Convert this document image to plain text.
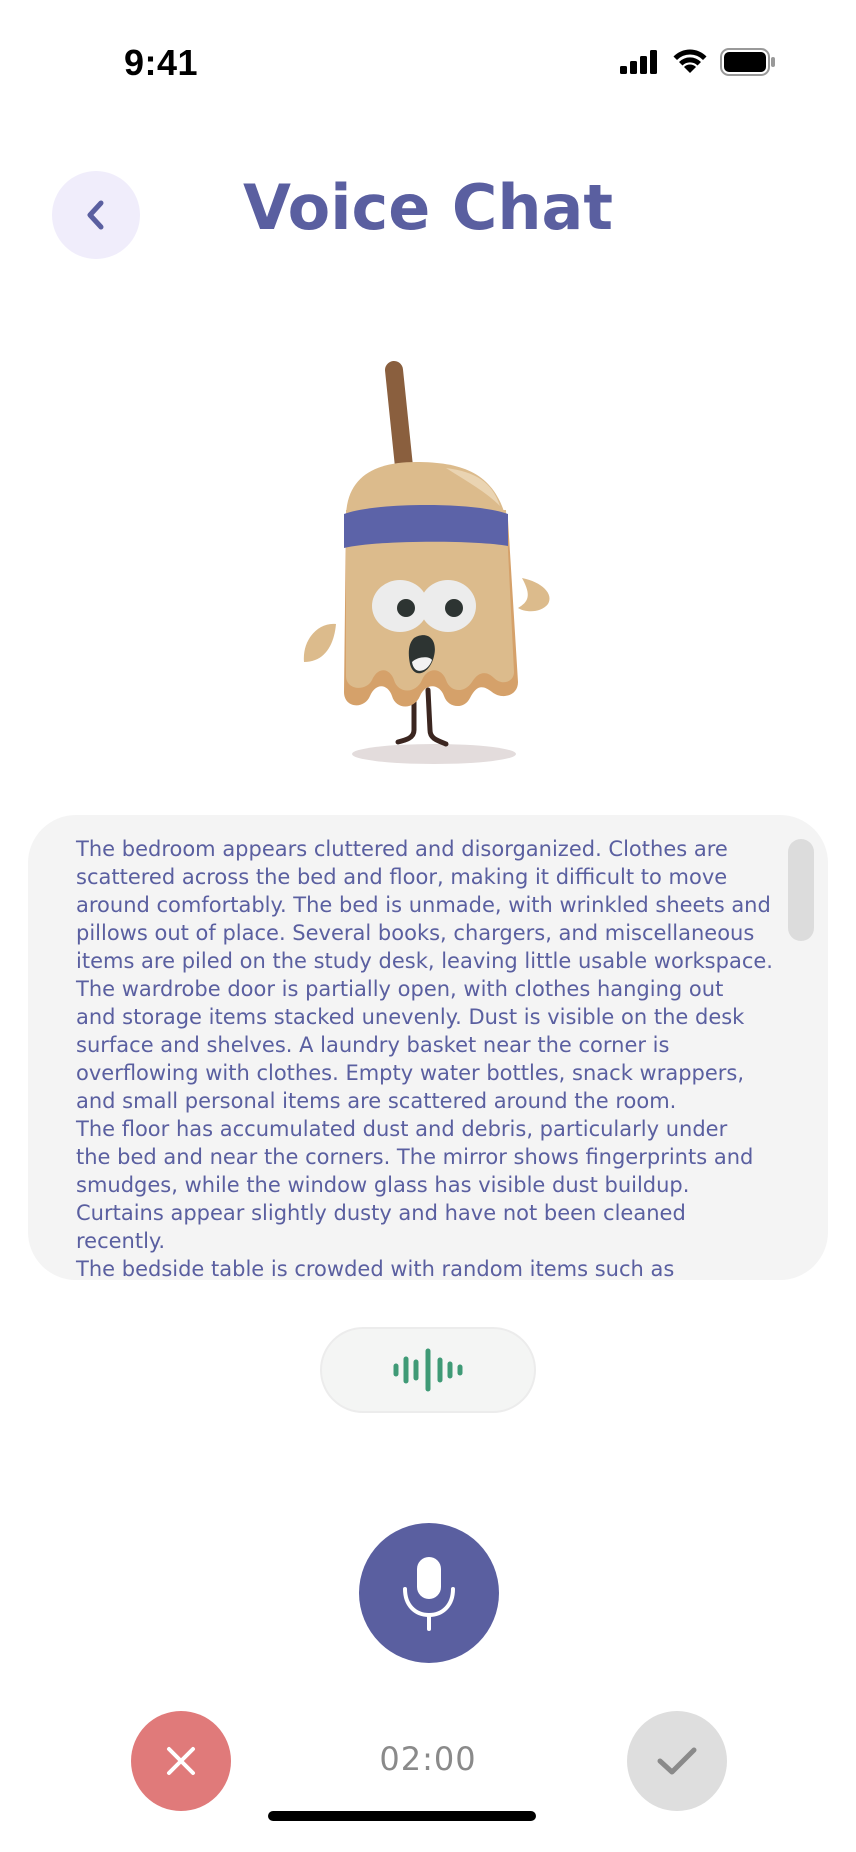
9:41
Voice Chat

The bedroom appears cluttered and disorganized. Clothes are
scattered across the bed and floor, making it difficult to move
around comfortably. The bed is unmade, with wrinkled sheets and
pillows out of place. Several books, chargers, and miscellaneous
items are piled on the study desk, leaving little usable workspace.
The wardrobe door is partially open, with clothes hanging out
and storage items stacked unevenly. Dust is visible on the desk
surface and shelves. A laundry basket near the corner is
overflowing with clothes. Empty water bottles, snack wrappers,
and small personal items are scattered around the room.
The floor has accumulated dust and debris, particularly under
the bed and near the corners. The mirror shows fingerprints and
smudges, while the window glass has visible dust buildup.
Curtains appear slightly dusty and have not been cleaned
recently.
The bedside table is crowded with random items such as

02:00
